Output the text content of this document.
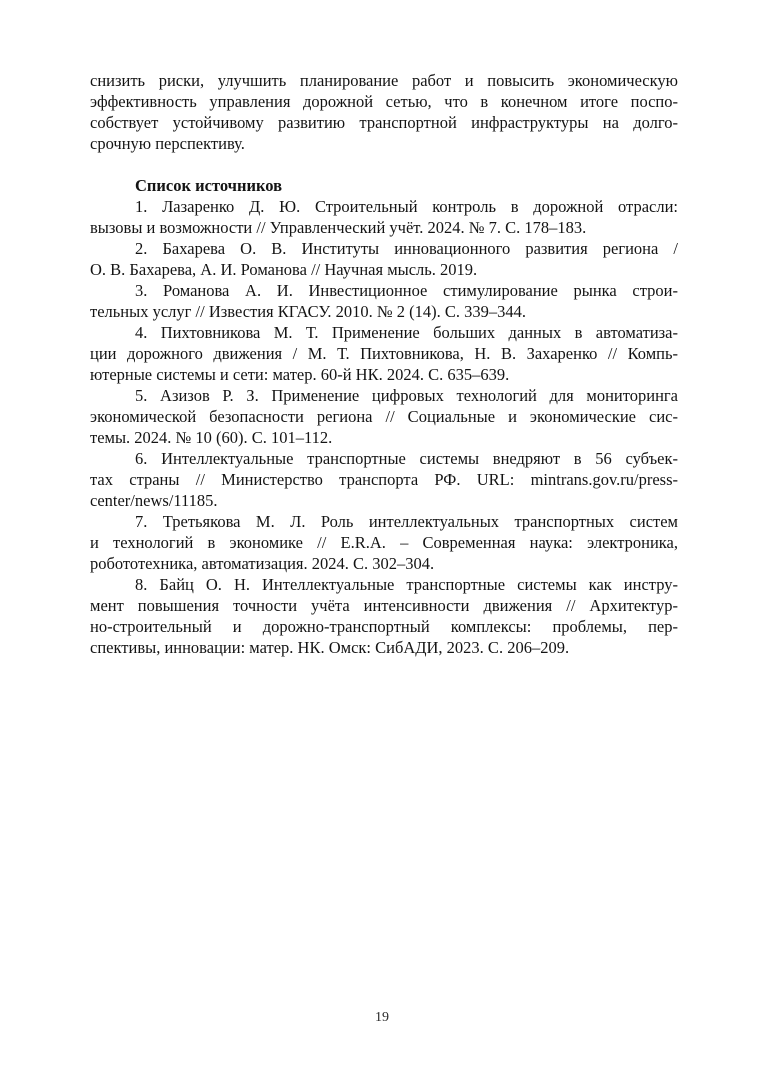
снизить риски, улучшить планирование работ и повысить экономическую
эффективность управления дорожной сетью, что в конечном итоге поспо-
собствует устойчивому развитию транспортной инфраструктуры на долго-
срочную перспективу.
Список источников
1. Лазаренко Д. Ю. Строительный контроль в дорожной отрасли:
вызовы и возможности // Управленческий учёт. 2024. № 7. С. 178–183.
2. Бахарева О. В. Институты инновационного развития региона /
О. В. Бахарева, А. И. Романова // Научная мысль. 2019.
3. Романова А. И. Инвестиционное стимулирование рынка строи-
тельных услуг // Известия КГАСУ. 2010. № 2 (14). С. 339–344.
4. Пихтовникова М. Т. Применение больших данных в автоматиза-
ции дорожного движения / М. Т. Пихтовникова, Н. В. Захаренко // Компь-
ютерные системы и сети: матер. 60-й НК. 2024. С. 635–639.
5. Азизов Р. З. Применение цифровых технологий для мониторинга
экономической безопасности региона // Социальные и экономические сис-
темы. 2024. № 10 (60). С. 101–112.
6. Интеллектуальные транспортные системы внедряют в 56 субъек-
тах страны // Министерство транспорта РФ. URL: mintrans.gov.ru/press-
center/news/11185.
7. Третьякова М. Л. Роль интеллектуальных транспортных систем
и технологий в экономике // E.R.A. – Современная наука: электроника,
робототехника, автоматизация. 2024. С. 302–304.
8. Байц О. Н. Интеллектуальные транспортные системы как инстру-
мент повышения точности учёта интенсивности движения // Архитектур-
но-строительный и дорожно-транспортный комплексы: проблемы, пер-
спективы, инновации: матер. НК. Омск: СибАДИ, 2023. С. 206–209.
19
